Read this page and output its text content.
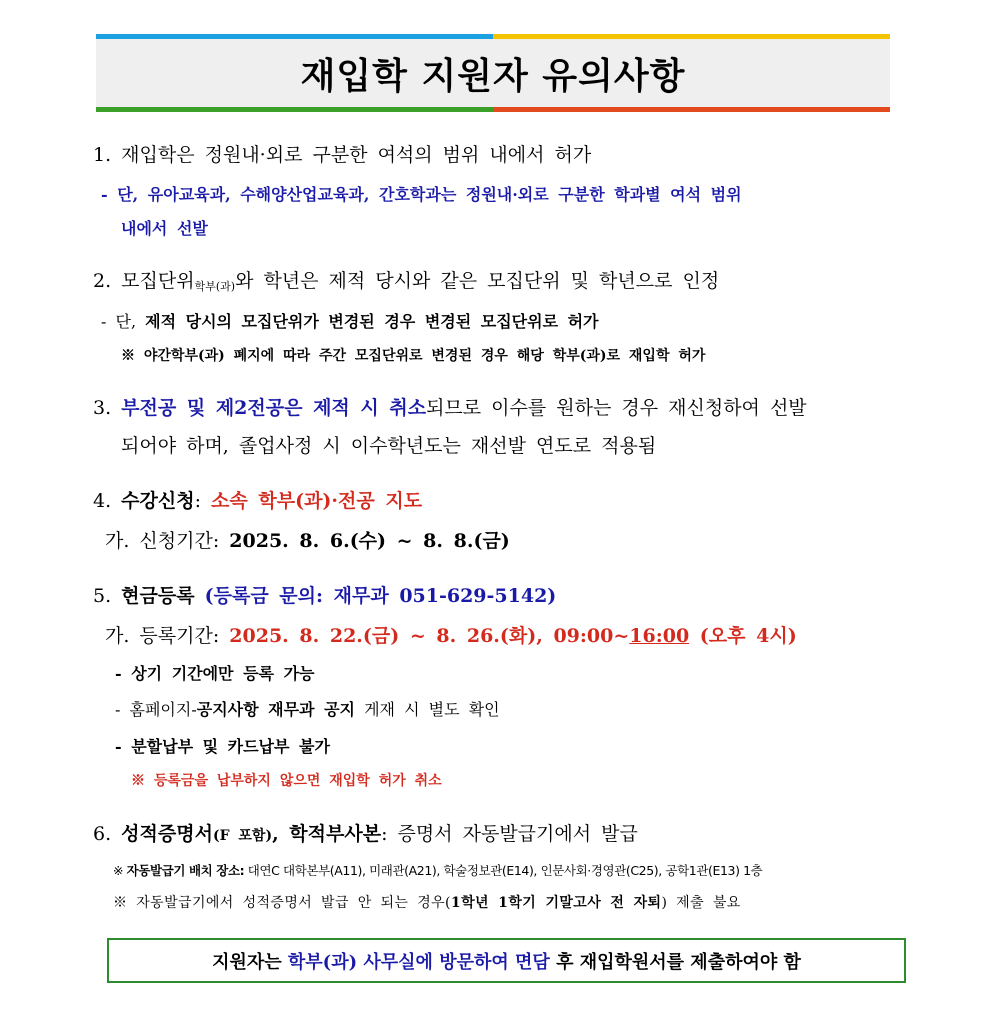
재입학 지원자 유의사항
1. 재입학은 정원내·외로 구분한 여석의 범위 내에서 허가
- 단, 유아교육과, 수해양산업교육과, 간호학과는 정원내·외로 구분한 학과별 여석 범위
내에서 선발
2. 모집단위$_{학부(과)}$와 학년은 제적 당시와 같은 모집단위 및 학년으로 인정
- 단, 제적 당시의 모집단위가 변경된 경우 변경된 모집단위로 허가
※ 야간학부(과) 폐지에 따라 주간 모집단위로 변경된 경우 해당 학부(과)로 재입학 허가
3. 부전공 및 제2전공은 제적 시 취소되므로 이수를 원하는 경우 재신청하여 선발
되어야 하며, 졸업사정 시 이수학년도는 재선발 연도로 적용됨
4. 수강신청: 소속 학부(과)·전공 지도
가. 신청기간: 2025. 8. 6.(수) ~ 8. 8.(금)
5. 현금등록 (등록금 문의: 재무과 051-629-5142)
가. 등록기간: 2025. 8. 22.(금) ~ 8. 26.(화), 09:00~16:00 (오후 4시)
- 상기 기간에만 등록 가능
- 홈페이지-공지사항 재무과 공지 게재 시 별도 확인
- 분할납부 및 카드납부 불가
※ 등록금을 납부하지 않으면 재입학 허가 취소
6. 성적증명서(F 포함), 학적부사본: 증명서 자동발급기에서 발급
※ 자동발급기 배치 장소: 대연C 대학본부(A11), 미래관(A21), 학술정보관(E14), 인문사회·경영관(C25), 공학1관(E13) 1층
※ 자동발급기에서 성적증명서 발급 안 되는 경우(1학년 1학기 기말고사 전 자퇴) 제출 불요
지원자는 학부(과) 사무실에 방문하여 면담 후 재입학원서를 제출하여야 함
